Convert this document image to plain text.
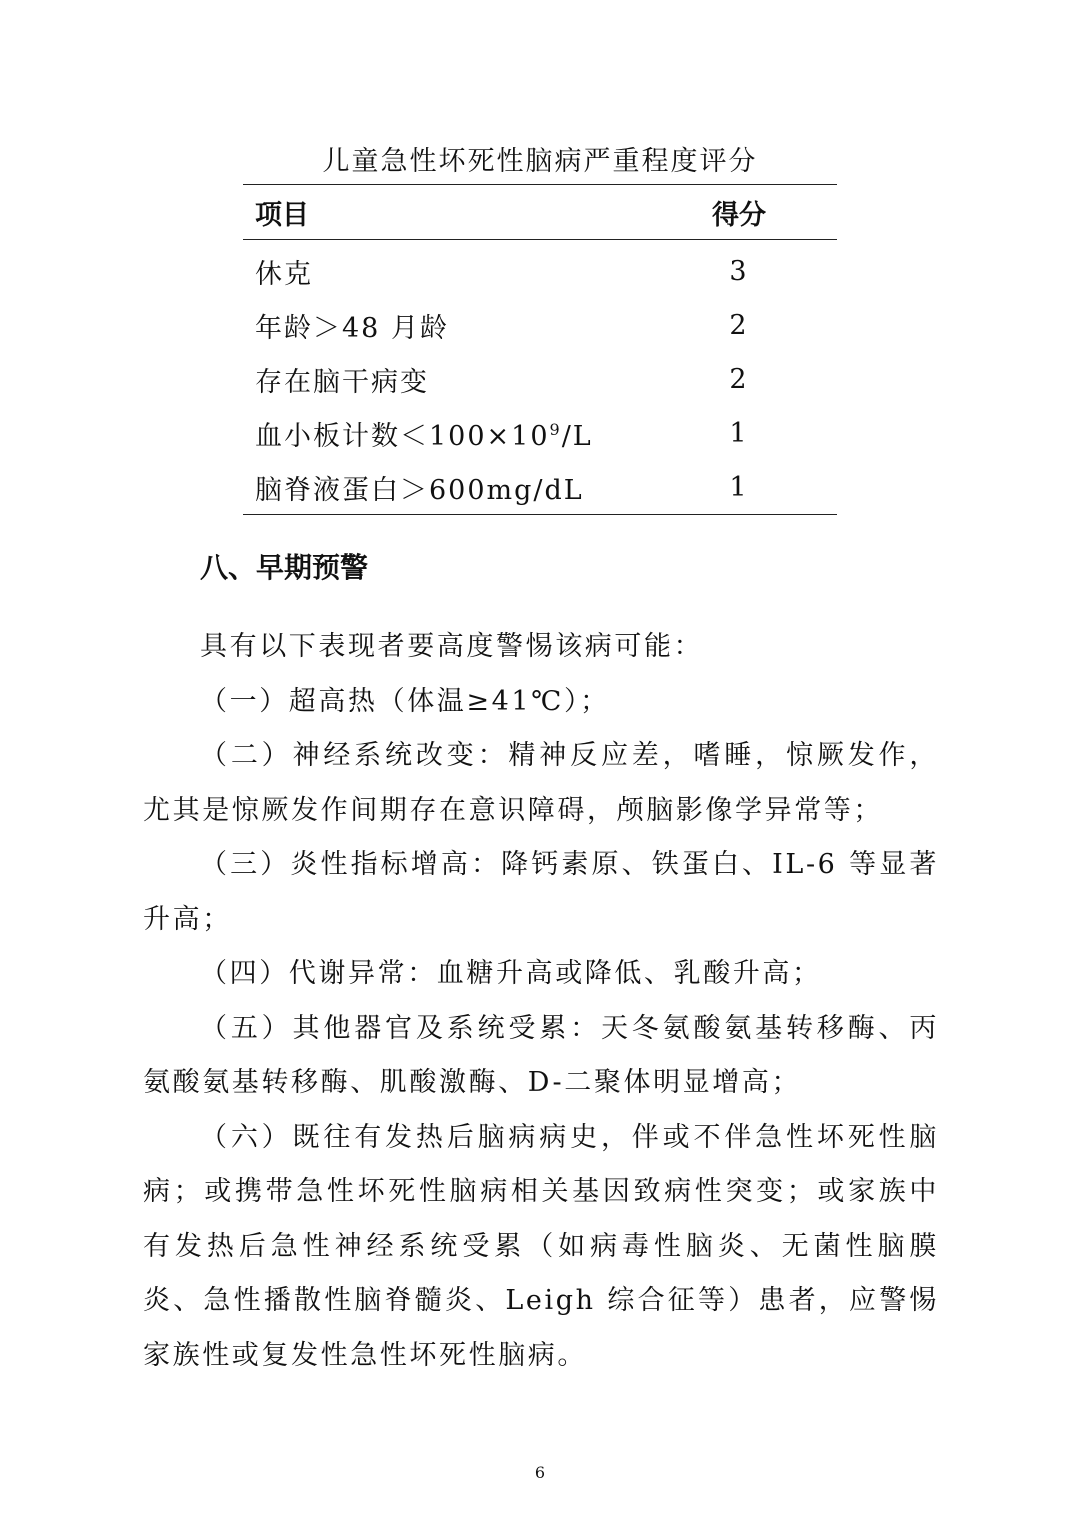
儿童急性坏死性脑病严重程度评分
项目	得分
休克	3
年龄＞48 月龄	2
存在脑干病变	2
血小板计数$<100\times 10^9/L$	1
脑脊液蛋白＞600mg/dL	1
八、早期预警

具有以下表现者要高度警惕该病可能：

（一）超高热（体温≥41℃）；

（二）神经系统改变：精神反应差，嗜睡，惊厥发作，尤其是惊厥发作间期存在意识障碍，颅脑影像学异常等；

（三）炎性指标增高：降钙素原、铁蛋白、IL-6 等显著升高；

（四）代谢异常：血糖升高或降低、乳酸升高；

（五）其他器官及系统受累：天冬氨酸氨基转移酶、丙氨酸氨基转移酶、肌酸激酶、D-二聚体明显增高；

（六）既往有发热后脑病病史，伴或不伴急性坏死性脑病；或携带急性坏死性脑病相关基因致病性突变；或家族中有发热后急性神经系统受累（如病毒性脑炎、无菌性脑膜炎、急性播散性脑脊髓炎、Leigh 综合征等）患者，应警惕家族性或复发性急性坏死性脑病。

6
